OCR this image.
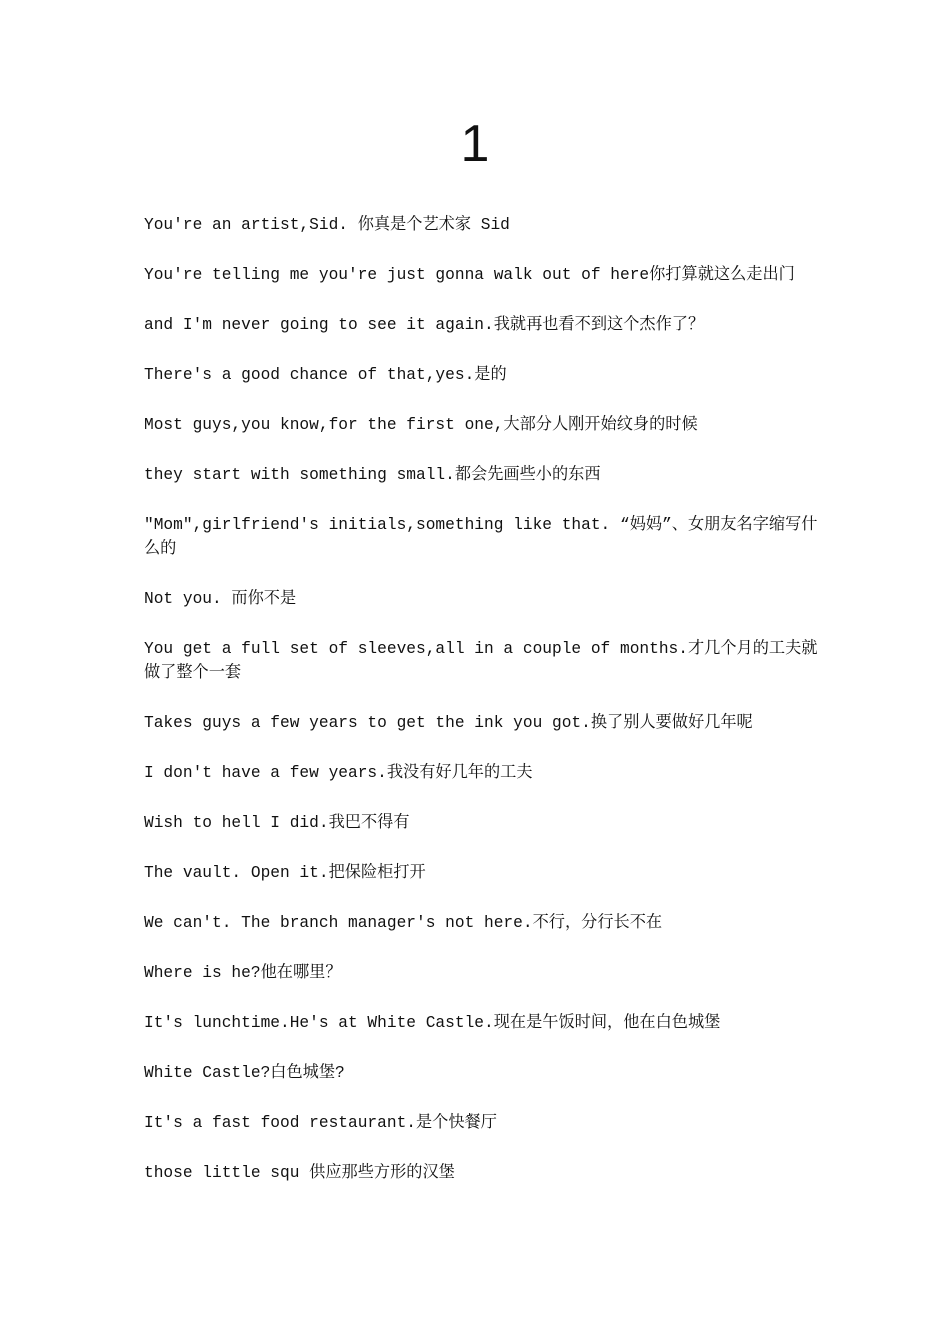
1
You're an artist,Sid. 你真是个艺术家 Sid
You're telling me you're just gonna walk out of here你打算就这么走出门
and I'm never going to see it again.我就再也看不到这个杰作了？
There's a good chance of that,yes.是的
Most guys,you know,for the first one,大部分人刚开始纹身的时候
they start with something small.都会先画些小的东西
"Mom",girlfriend's initials,something like that. “妈妈”、女朋友名字缩写什么的
Not you. 而你不是
You get a full set of sleeves,all in a couple of months.才几个月的工夫就做了整个一套
Takes guys a few years to get the ink you got.换了别人要做好几年呢
I don't have a few years.我没有好几年的工夫
Wish to hell I did.我巴不得有
The vault. Open it.把保险柜打开
We can't. The branch manager's not here.不行，分行长不在
Where is he?他在哪里？
It's lunchtime.He's at White Castle.现在是午饭时间，他在白色城堡
White Castle?白色城堡?
It's a fast food restaurant.是个快餐厅
those little squ 供应那些方形的汉堡
